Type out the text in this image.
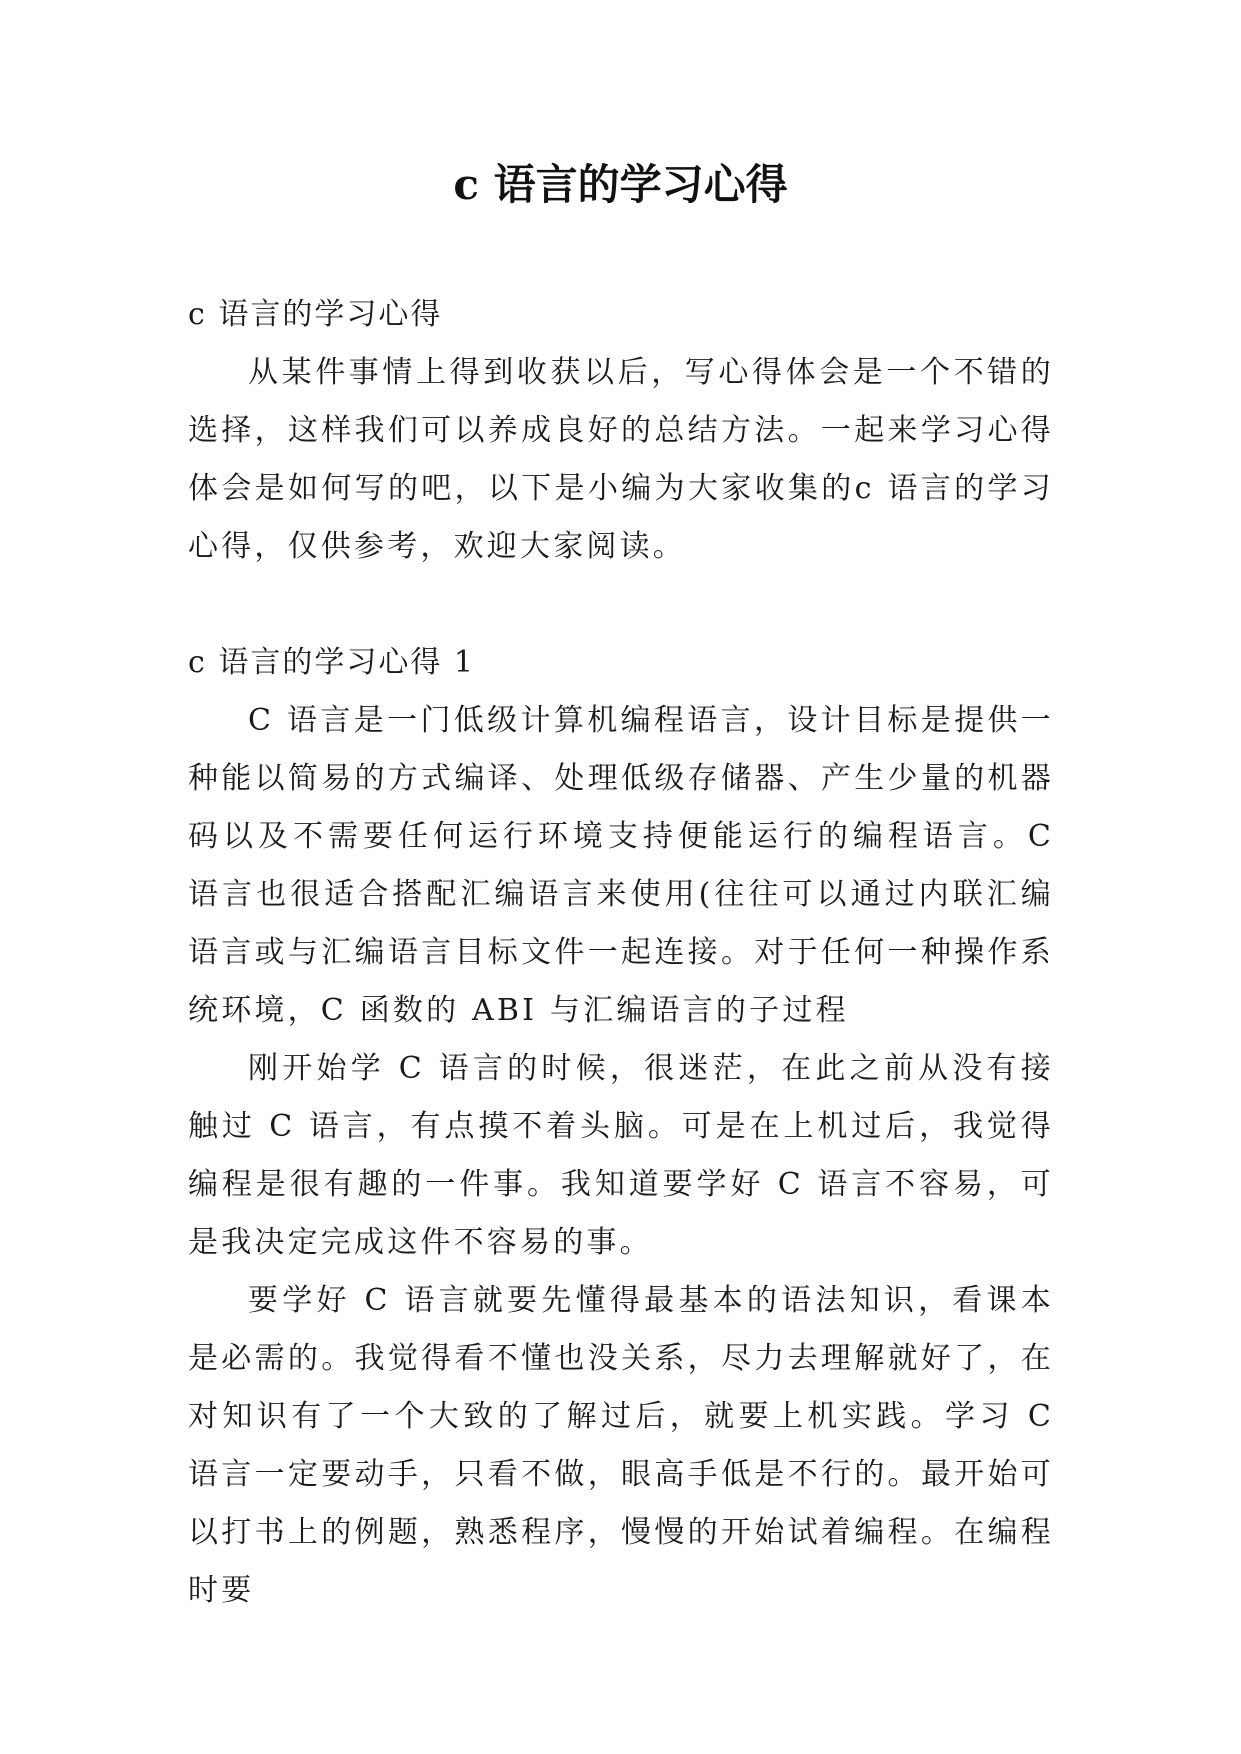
c 语言的学习心得

c 语言的学习心得

从某件事情上得到收获以后，写心得体会是一个不错的选择，这样我们可以养成良好的总结方法。一起来学习心得体会是如何写的吧，以下是小编为大家收集的c 语言的学习心得，仅供参考，欢迎大家阅读。

c 语言的学习心得 1

C 语言是一门低级计算机编程语言，设计目标是提供一种能以简易的方式编译、处理低级存储器、产生少量的机器码以及不需要任何运行环境支持便能运行的编程语言。C 语言也很适合搭配汇编语言来使用(往往可以通过内联汇编语言或与汇编语言目标文件一起连接。对于任何一种操作系统环境，C 函数的 ABI 与汇编语言的子过程

刚开始学 C 语言的时候，很迷茫，在此之前从没有接触过 C 语言，有点摸不着头脑。可是在上机过后，我觉得编程是很有趣的一件事。我知道要学好 C 语言不容易，可是我决定完成这件不容易的事。

要学好 C 语言就要先懂得最基本的语法知识，看课本是必需的。我觉得看不懂也没关系，尽力去理解就好了，在对知识有了一个大致的了解过后，就要上机实践。学习 C 语言一定要动手，只看不做，眼高手低是不行的。最开始可以打书上的例题，熟悉程序，慢慢的开始试着编程。在编程时要
